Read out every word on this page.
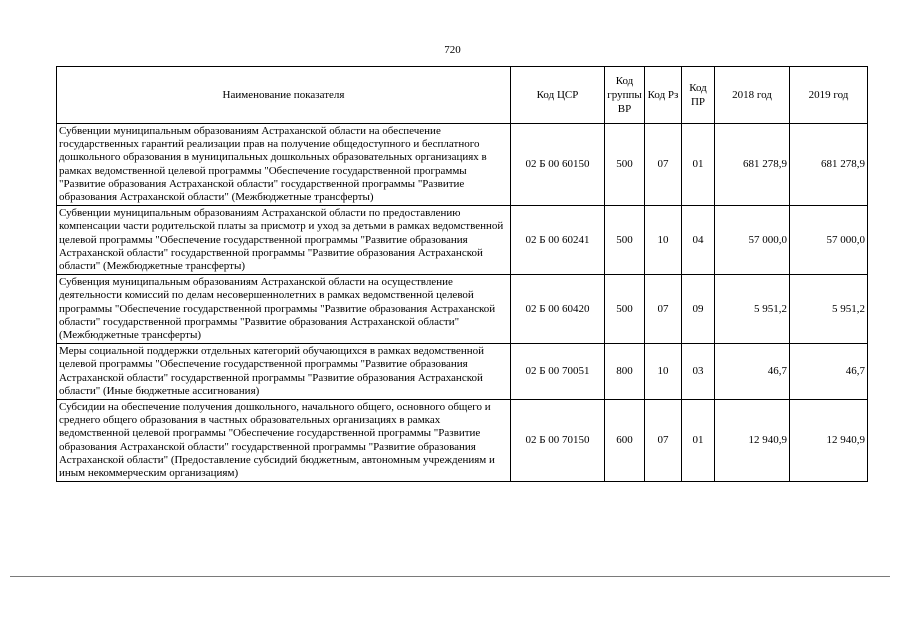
720
Наименование показателя	Код ЦСР	Код группы ВР	Код Рз	Код ПР	2018 год	2019 год
Субвенции муниципальным образованиям Астраханской области на обеспечение государственных гарантий реализации прав на получение общедоступного и бесплатного дошкольного образования в муниципальных дошкольных образовательных организациях в рамках ведомственной целевой программы "Обеспечение государственной программы "Развитие образования Астраханской области" государственной программы "Развитие образования Астраханской области" (Межбюджетные трансферты)	02 Б 00 60150	500	07	01	681 278,9	681 278,9
Субвенции муниципальным образованиям Астраханской области по предоставлению компенсации части родительской платы за присмотр и уход за детьми в рамках ведомственной целевой программы "Обеспечение государственной программы "Развитие образования Астраханской области" государственной программы "Развитие образования Астраханской области" (Межбюджетные трансферты)	02 Б 00 60241	500	10	04	57 000,0	57 000,0
Субвенция муниципальным образованиям Астраханской области на осуществление деятельности комиссий по делам несовершеннолетних в рамках ведомственной целевой программы "Обеспечение государственной программы "Развитие образования Астраханской области" государственной программы "Развитие образования Астраханской области" (Межбюджетные трансферты)	02 Б 00 60420	500	07	09	5 951,2	5 951,2
Меры социальной поддержки отдельных категорий обучающихся в рамках ведомственной целевой программы "Обеспечение государственной программы "Развитие образования Астраханской области" государственной программы "Развитие образования Астраханской области" (Иные бюджетные ассигнования)	02 Б 00 70051	800	10	03	46,7	46,7
Субсидии на обеспечение получения дошкольного, начального общего, основного общего и среднего общего образования в частных образовательных организациях в рамках ведомственной целевой программы "Обеспечение государственной программы "Развитие образования Астраханской области" государственной программы "Развитие образования Астраханской области" (Предоставление субсидий бюджетным, автономным учреждениям и иным некоммерческим организациям)	02 Б 00 70150	600	07	01	12 940,9	12 940,9
